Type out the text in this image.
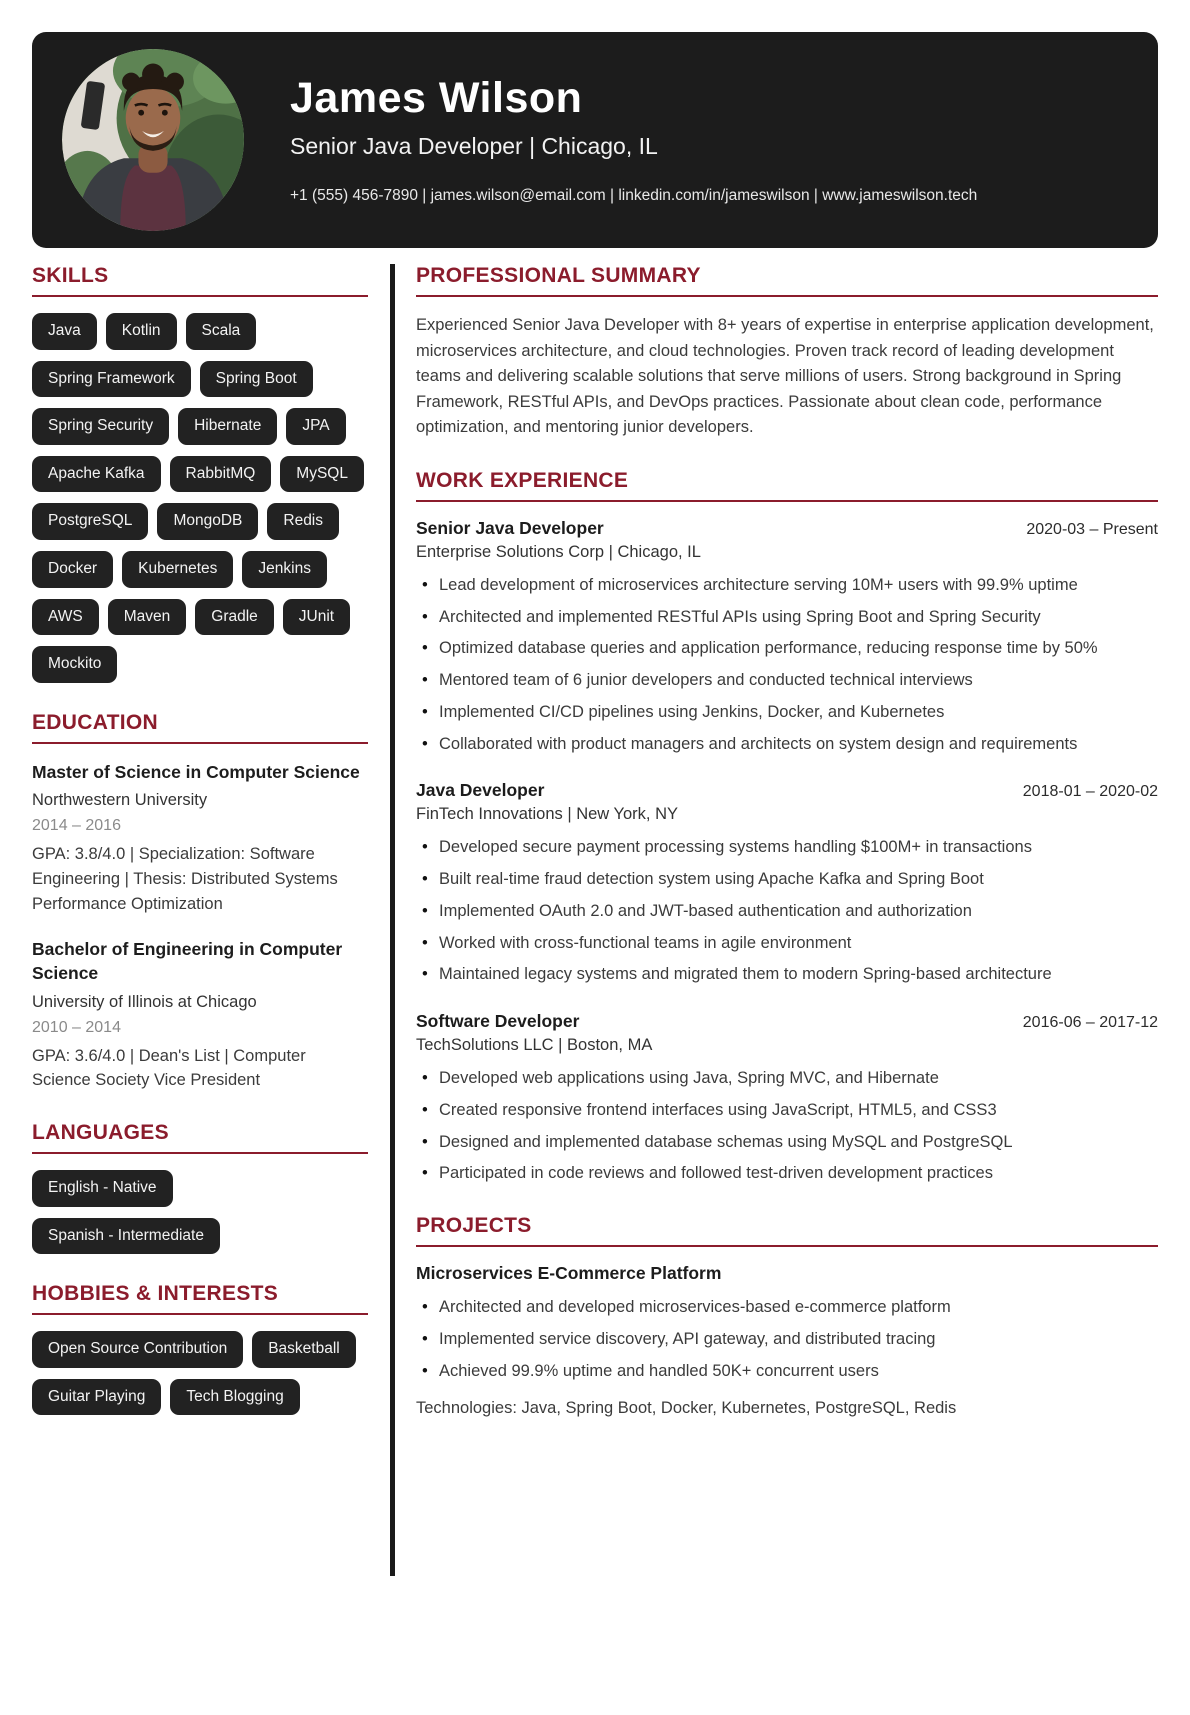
James Wilson
Senior Java Developer | Chicago, IL
+1 (555) 456-7890 | james.wilson@email.com | linkedin.com/in/jameswilson | www.jameswilson.tech
SKILLS
Java	Kotlin	Scala
Spring Framework	Spring Boot
Spring Security	Hibernate	JPA
Apache Kafka	RabbitMQ	MySQL
PostgreSQL	MongoDB	Redis
Docker	Kubernetes	Jenkins
AWS	Maven	Gradle	JUnit
Mockito
EDUCATION
Master of Science in Computer Science
Northwestern University
2014 – 2016
GPA: 3.8/4.0 | Specialization: Software Engineering | Thesis: Distributed Systems Performance Optimization
Bachelor of Engineering in Computer Science
University of Illinois at Chicago
2010 – 2014
GPA: 3.6/4.0 | Dean's List | Computer Science Society Vice President
LANGUAGES
English - Native
Spanish - Intermediate
HOBBIES & INTERESTS
Open Source Contribution	Basketball
Guitar Playing	Tech Blogging
PROFESSIONAL SUMMARY

Experienced Senior Java Developer with 8+ years of expertise in enterprise application development, microservices architecture, and cloud technologies. Proven track record of leading development teams and delivering scalable solutions that serve millions of users. Strong background in Spring Framework, RESTful APIs, and DevOps practices. Passionate about clean code, performance optimization, and mentoring junior developers.

WORK EXPERIENCE
Senior Java Developer	2020-03 – Present
Enterprise Solutions Corp | Chicago, IL
• Lead development of microservices architecture serving 10M+ users with 99.9% uptime
• Architected and implemented RESTful APIs using Spring Boot and Spring Security
• Optimized database queries and application performance, reducing response time by 50%
• Mentored team of 6 junior developers and conducted technical interviews
• Implemented CI/CD pipelines using Jenkins, Docker, and Kubernetes
• Collaborated with product managers and architects on system design and requirements
Java Developer	2018-01 – 2020-02
FinTech Innovations | New York, NY
• Developed secure payment processing systems handling $100M+ in transactions
• Built real-time fraud detection system using Apache Kafka and Spring Boot
• Implemented OAuth 2.0 and JWT-based authentication and authorization
• Worked with cross-functional teams in agile environment
• Maintained legacy systems and migrated them to modern Spring-based architecture
Software Developer	2016-06 – 2017-12
TechSolutions LLC | Boston, MA
• Developed web applications using Java, Spring MVC, and Hibernate
• Created responsive frontend interfaces using JavaScript, HTML5, and CSS3
• Designed and implemented database schemas using MySQL and PostgreSQL
• Participated in code reviews and followed test-driven development practices
PROJECTS
Microservices E-Commerce Platform
• Architected and developed microservices-based e-commerce platform
• Implemented service discovery, API gateway, and distributed tracing
• Achieved 99.9% uptime and handled 50K+ concurrent users
Technologies: Java, Spring Boot, Docker, Kubernetes, PostgreSQL, Redis
